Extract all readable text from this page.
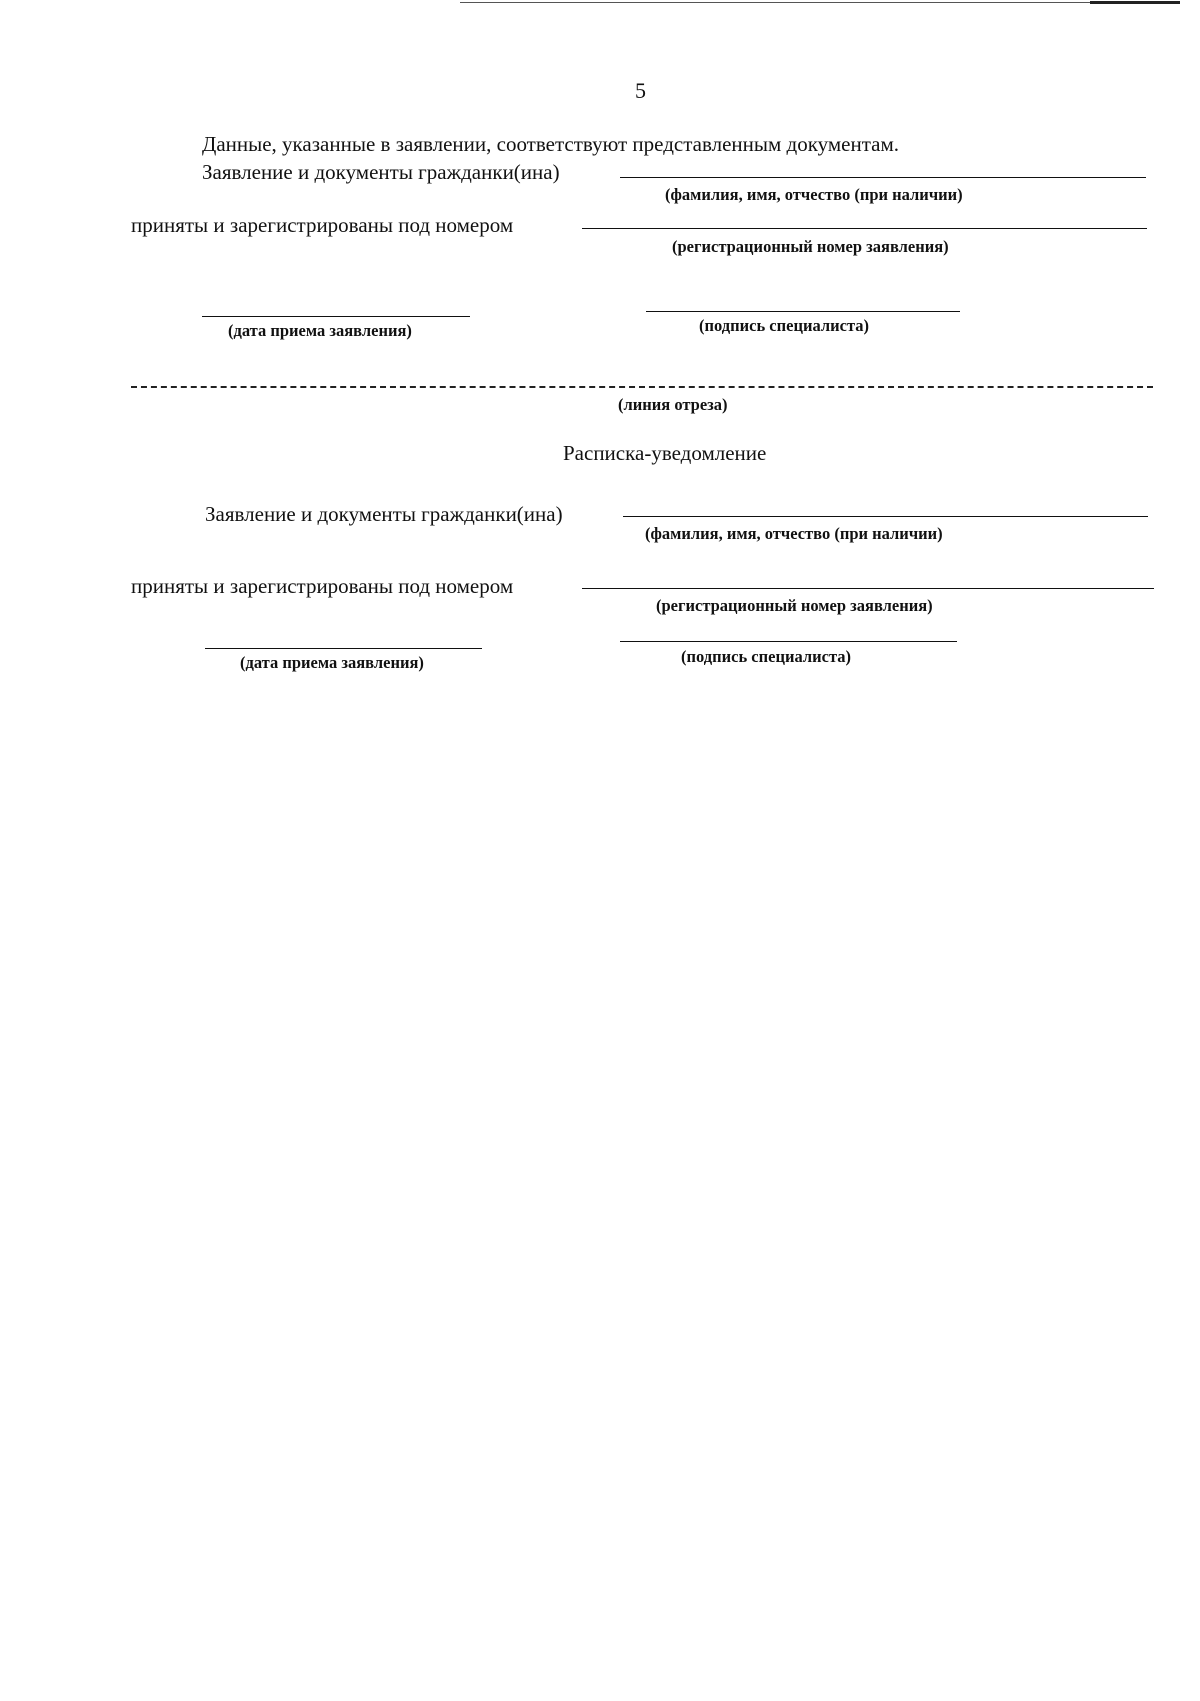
5
Данные, указанные в заявлении, соответствуют представленным документам.
Заявление и документы гражданки(ина)
(фамилия, имя, отчество (при наличии)
приняты и зарегистрированы под номером
(регистрационный номер заявления)
(дата приема заявления)	(подпись специалиста)
(линия отреза)
Расписка-уведомление
Заявление и документы гражданки(ина)
(фамилия, имя, отчество (при наличии)
приняты и зарегистрированы под номером
(регистрационный номер заявления)
(дата приема заявления)	(подпись специалиста)
